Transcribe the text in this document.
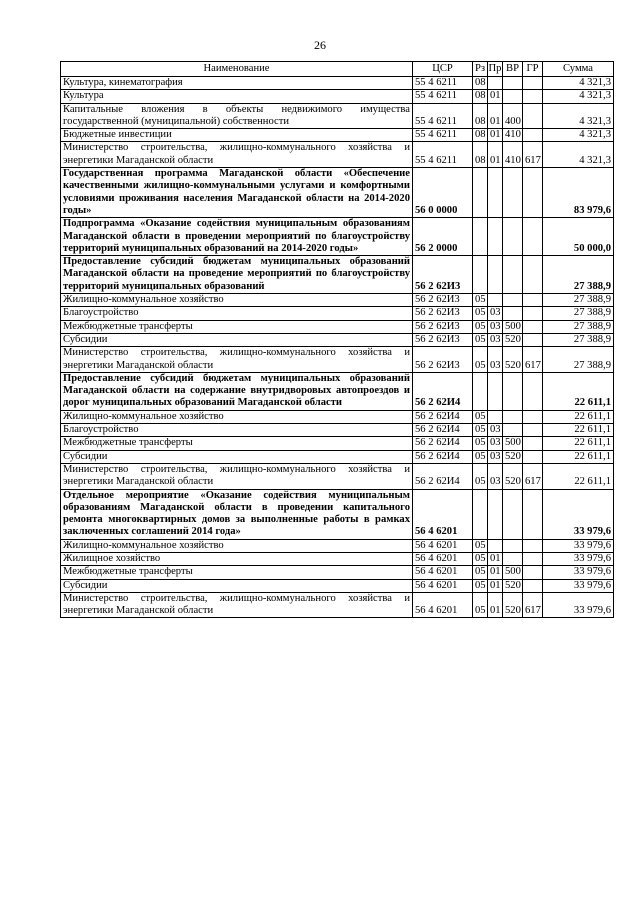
26
Наименование	ЦСР	Рз	Пр	ВР	ГР	Сумма
Культура, кинематография	55 4 6211	08				4 321,3
Культура	55 4 6211	08	01			4 321,3
Капитальные вложения в объекты недвижимого имущества государственной (муниципальной) собственности	55 4 6211	08	01	400		4 321,3
Бюджетные инвестиции	55 4 6211	08	01	410		4 321,3
Министерство строительства, жилищно-коммунального хозяйства и энергетики Магаданской области	55 4 6211	08	01	410	617	4 321,3
Государственная программа Магаданской области «Обеспечение качественными жилищно-коммунальными услугами и комфортными условиями проживания населения Магаданской области на 2014-2020 годы»	56 0 0000					83 979,6
Подпрограмма «Оказание содействия муниципальным образованиям Магаданской области в проведении мероприятий по благоустройству территорий муниципальных образований на 2014-2020 годы»	56 2 0000					50 000,0
Предоставление субсидий бюджетам муниципальных образований Магаданской области на проведение мероприятий по благоустройству территорий муниципальных образований	56 2 62И3					27 388,9
Жилищно-коммунальное хозяйство	56 2 62И3	05				27 388,9
Благоустройство	56 2 62И3	05	03			27 388,9
Межбюджетные трансферты	56 2 62И3	05	03	500		27 388,9
Субсидии	56 2 62И3	05	03	520		27 388,9
Министерство строительства, жилищно-коммунального хозяйства и энергетики Магаданской области	56 2 62И3	05	03	520	617	27 388,9
Предоставление субсидий бюджетам муниципальных образований Магаданской области на содержание внутридворовых автопроездов и дорог муниципальных образований Магаданской области	56 2 62И4					22 611,1
Жилищно-коммунальное хозяйство	56 2 62И4	05				22 611,1
Благоустройство	56 2 62И4	05	03			22 611,1
Межбюджетные трансферты	56 2 62И4	05	03	500		22 611,1
Субсидии	56 2 62И4	05	03	520		22 611,1
Министерство строительства, жилищно-коммунального хозяйства и энергетики Магаданской области	56 2 62И4	05	03	520	617	22 611,1
Отдельное мероприятие «Оказание содействия муниципальным образованиям Магаданской области в проведении капитального ремонта многоквартирных домов за выполненные работы в рамках заключенных соглашений 2014 года»	56 4 6201					33 979,6
Жилищно-коммунальное хозяйство	56 4 6201	05				33 979,6
Жилищное хозяйство	56 4 6201	05	01			33 979,6
Межбюджетные трансферты	56 4 6201	05	01	500		33 979,6
Субсидии	56 4 6201	05	01	520		33 979,6
Министерство строительства, жилищно-коммунального хозяйства и энергетики Магаданской области	56 4 6201	05	01	520	617	33 979,6
